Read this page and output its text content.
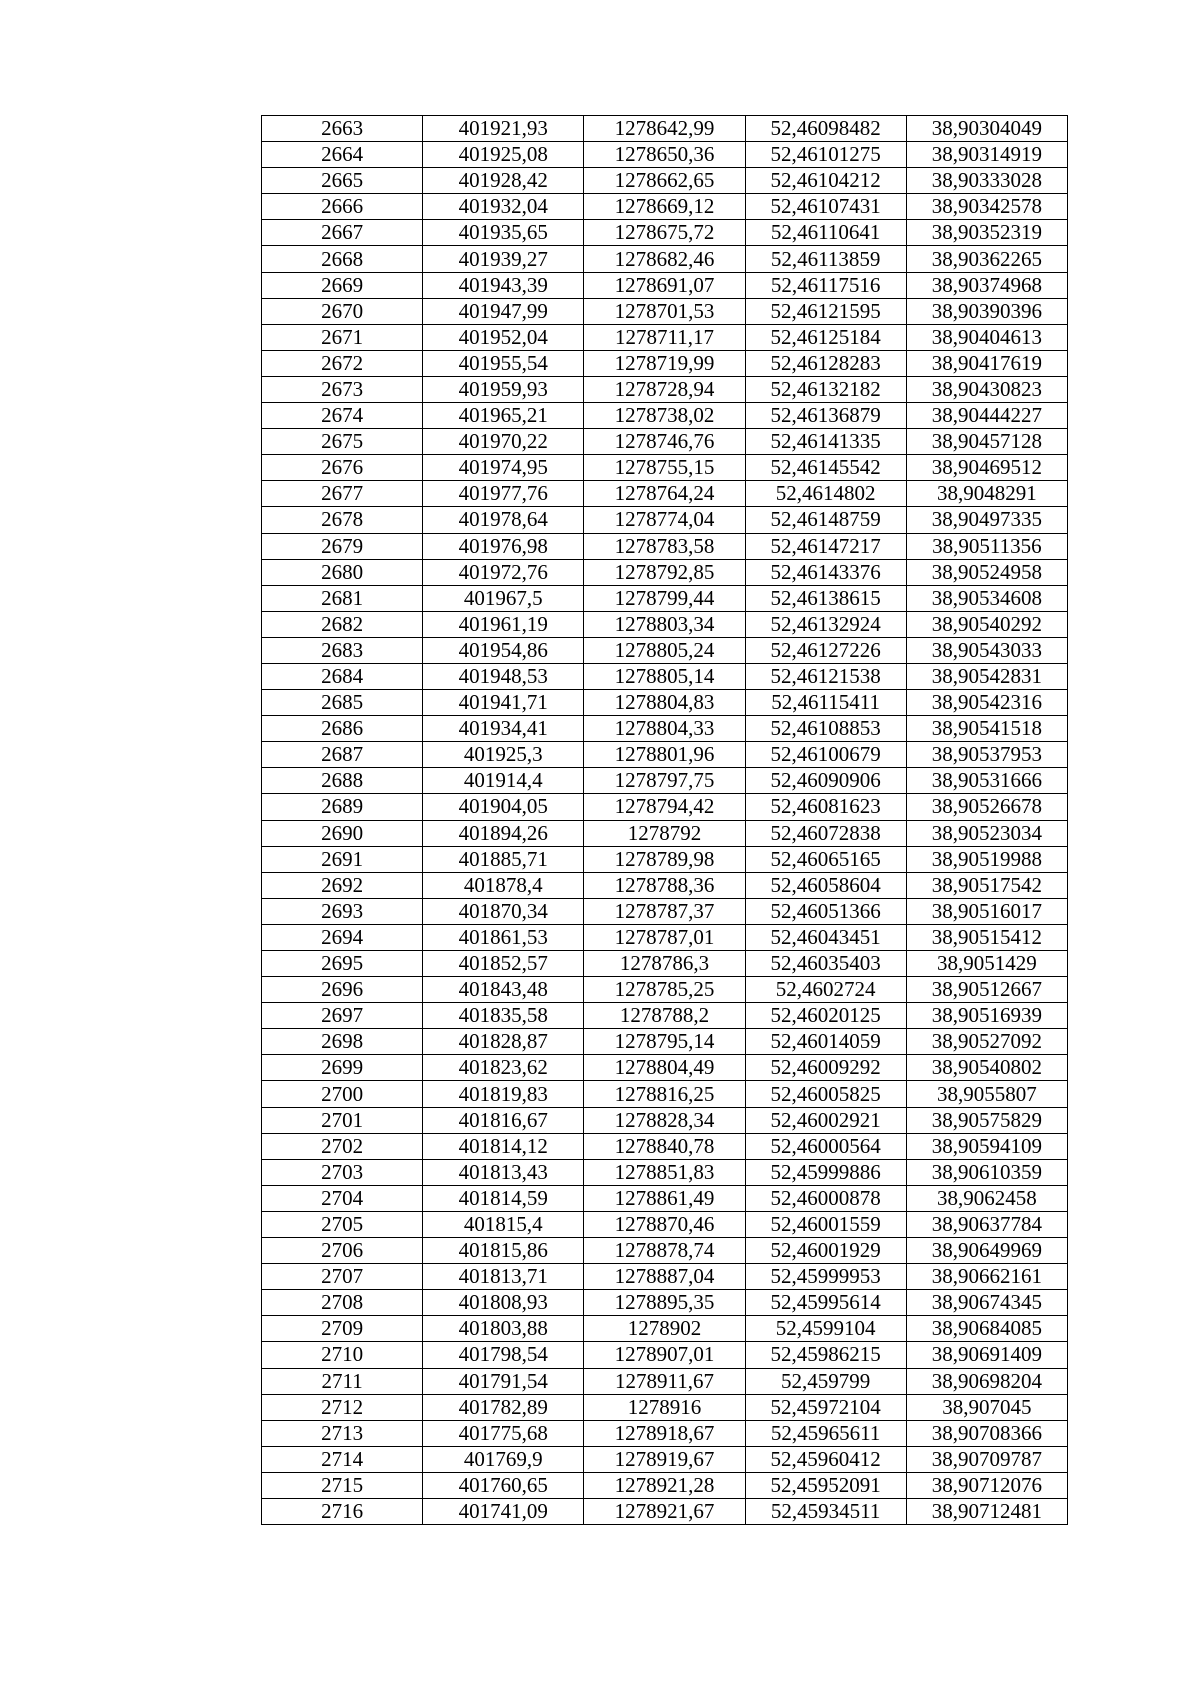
2663	401921,93	1278642,99	52,46098482	38,90304049
2664	401925,08	1278650,36	52,46101275	38,90314919
2665	401928,42	1278662,65	52,46104212	38,90333028
2666	401932,04	1278669,12	52,46107431	38,90342578
2667	401935,65	1278675,72	52,46110641	38,90352319
2668	401939,27	1278682,46	52,46113859	38,90362265
2669	401943,39	1278691,07	52,46117516	38,90374968
2670	401947,99	1278701,53	52,46121595	38,90390396
2671	401952,04	1278711,17	52,46125184	38,90404613
2672	401955,54	1278719,99	52,46128283	38,90417619
2673	401959,93	1278728,94	52,46132182	38,90430823
2674	401965,21	1278738,02	52,46136879	38,90444227
2675	401970,22	1278746,76	52,46141335	38,90457128
2676	401974,95	1278755,15	52,46145542	38,90469512
2677	401977,76	1278764,24	52,4614802	38,9048291
2678	401978,64	1278774,04	52,46148759	38,90497335
2679	401976,98	1278783,58	52,46147217	38,90511356
2680	401972,76	1278792,85	52,46143376	38,90524958
2681	401967,5	1278799,44	52,46138615	38,90534608
2682	401961,19	1278803,34	52,46132924	38,90540292
2683	401954,86	1278805,24	52,46127226	38,90543033
2684	401948,53	1278805,14	52,46121538	38,90542831
2685	401941,71	1278804,83	52,46115411	38,90542316
2686	401934,41	1278804,33	52,46108853	38,90541518
2687	401925,3	1278801,96	52,46100679	38,90537953
2688	401914,4	1278797,75	52,46090906	38,90531666
2689	401904,05	1278794,42	52,46081623	38,90526678
2690	401894,26	1278792	52,46072838	38,90523034
2691	401885,71	1278789,98	52,46065165	38,90519988
2692	401878,4	1278788,36	52,46058604	38,90517542
2693	401870,34	1278787,37	52,46051366	38,90516017
2694	401861,53	1278787,01	52,46043451	38,90515412
2695	401852,57	1278786,3	52,46035403	38,9051429
2696	401843,48	1278785,25	52,4602724	38,90512667
2697	401835,58	1278788,2	52,46020125	38,90516939
2698	401828,87	1278795,14	52,46014059	38,90527092
2699	401823,62	1278804,49	52,46009292	38,90540802
2700	401819,83	1278816,25	52,46005825	38,9055807
2701	401816,67	1278828,34	52,46002921	38,90575829
2702	401814,12	1278840,78	52,46000564	38,90594109
2703	401813,43	1278851,83	52,45999886	38,90610359
2704	401814,59	1278861,49	52,46000878	38,9062458
2705	401815,4	1278870,46	52,46001559	38,90637784
2706	401815,86	1278878,74	52,46001929	38,90649969
2707	401813,71	1278887,04	52,45999953	38,90662161
2708	401808,93	1278895,35	52,45995614	38,90674345
2709	401803,88	1278902	52,4599104	38,90684085
2710	401798,54	1278907,01	52,45986215	38,90691409
2711	401791,54	1278911,67	52,459799	38,90698204
2712	401782,89	1278916	52,45972104	38,907045
2713	401775,68	1278918,67	52,45965611	38,90708366
2714	401769,9	1278919,67	52,45960412	38,90709787
2715	401760,65	1278921,28	52,45952091	38,90712076
2716	401741,09	1278921,67	52,45934511	38,90712481
